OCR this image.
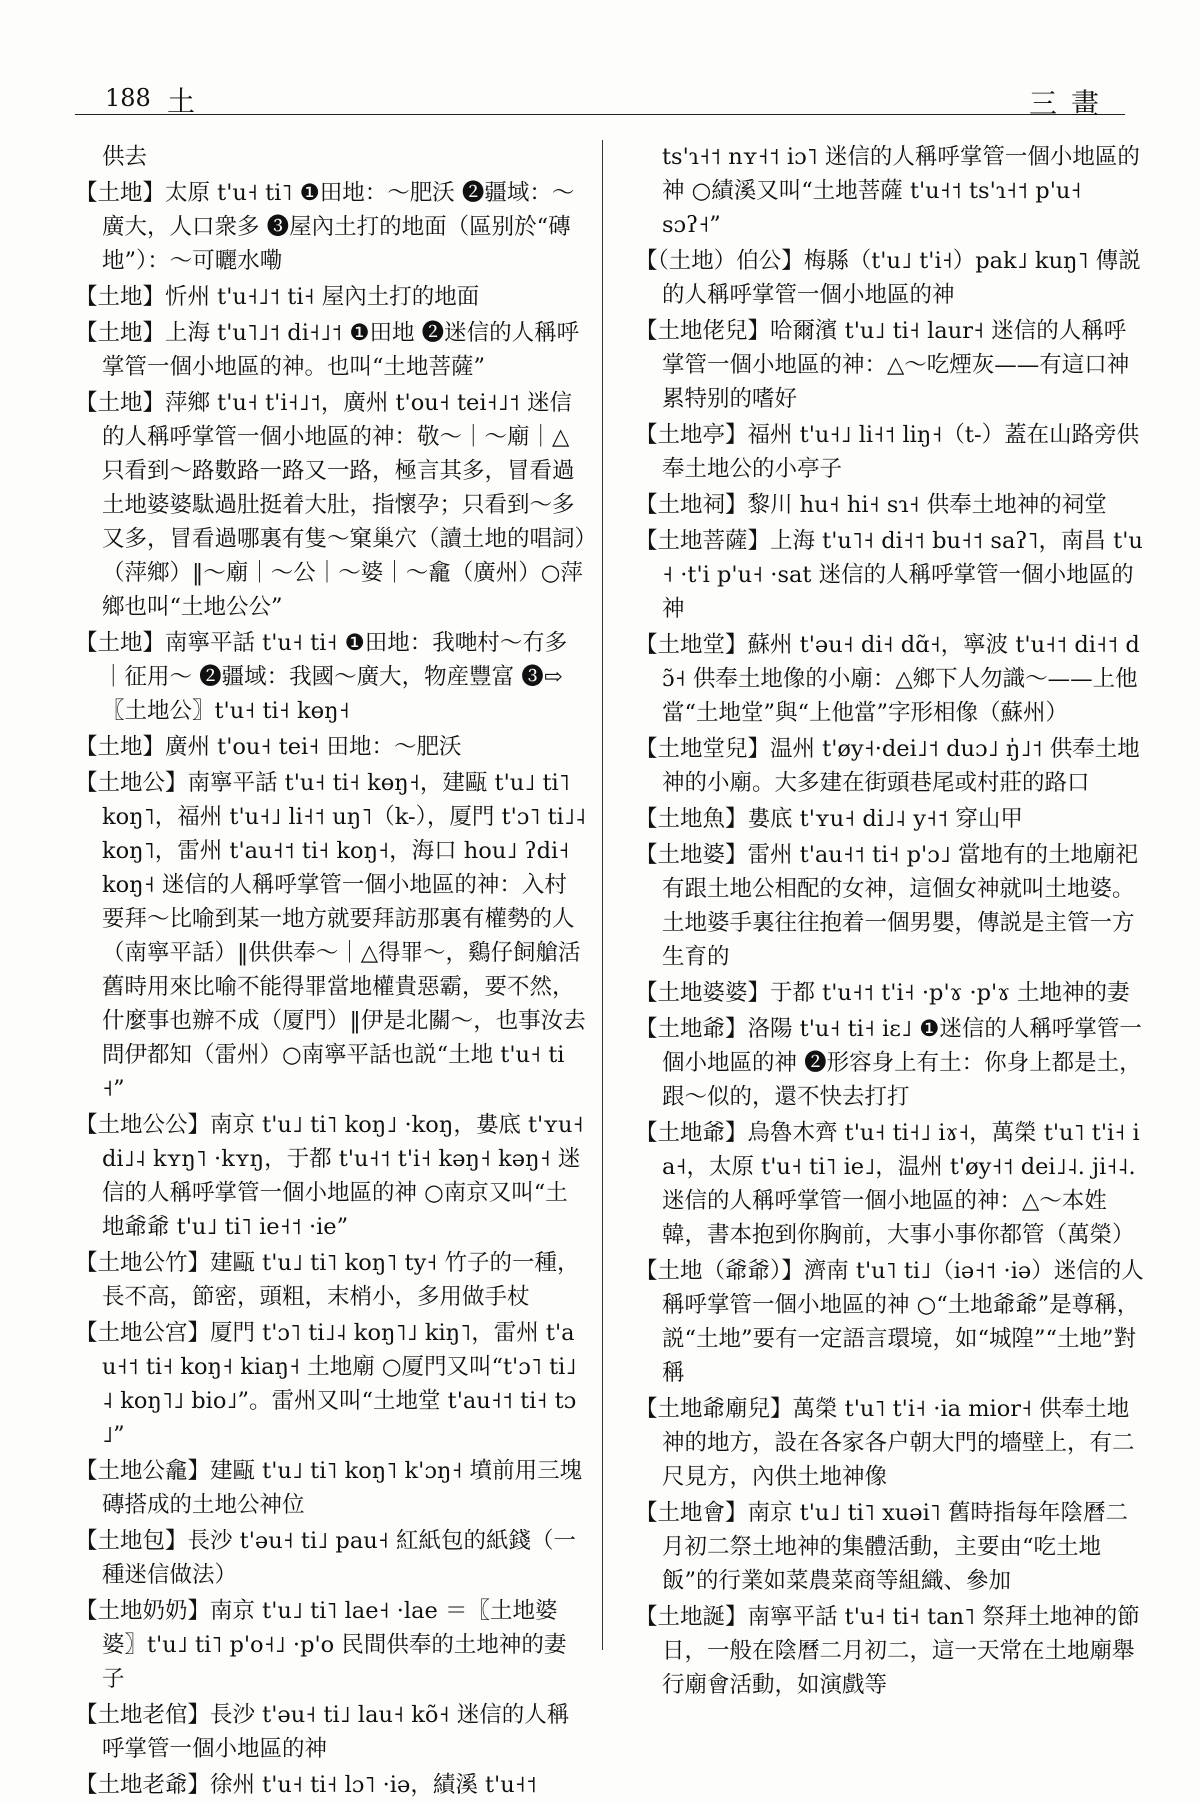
188 土	三畫

供去

【土地】太原 t'u˧ ti˥ ❶田地：～肥沃 ❷疆域：～廣大，人口衆多 ❸屋內土打的地面（區别於“磚地”）：～可曬水嘞

【土地】忻州 t'u˧˩˦ ti˧ 屋內土打的地面

【土地】上海 t'u˥˩˦ di˧˩˦ ❶田地 ❷迷信的人稱呼掌管一個小地區的神。也叫“土地菩薩”

【土地】萍鄉 t'u˧ t'i˧˩˦，廣州 t'ou˧ tei˧˩˦ 迷信的人稱呼掌管一個小地區的神：敬～｜～廟｜△只看到～路數路一路又一路，極言其多，冒看過土地婆婆駄過肚挺着大肚，指懷孕；只看到～多又多，冒看過哪裏有隻～窠巢穴（讀土地的唱詞）（萍鄉）‖～廟｜～公｜～婆｜～龕（廣州）○萍鄉也叫“土地公公”

【土地】南寧平話 t'u˧ ti˧ ❶田地：我哋村～冇多｜征用～ ❷疆域：我國～廣大，物産豐富 ❸⇨〖土地公〗t'u˧ ti˧ kɵŋ˧

【土地】廣州 t'ou˧ tei˧ 田地：～肥沃

【土地公】南寧平話 t'u˧ ti˧ kɵŋ˧，建甌 t'u˩ ti˥ koŋ˥，福州 t'u˧˩ li˧˦ uŋ˥（k-），厦門 t'ɔ˥ ti˩˨ koŋ˥，雷州 t'au˧˦ ti˧ koŋ˧，海口 hou˩ ʔdi˧ koŋ˧ 迷信的人稱呼掌管一個小地區的神：入村要拜～比喻到某一地方就要拜訪那裏有權勢的人（南寧平話）‖供供奉～｜△得罪～，鷄仔飼艙活舊時用來比喻不能得罪當地權貴惡霸，要不然，什麼事也辦不成（厦門）‖伊是北關～，也事汝去問伊都知（雷州）○南寧平話也説“土地 t'u˧ ti˧”

【土地公公】南京 t'u˩ ti˥ koŋ˩ ·koŋ，婁底 t'ʏu˧ di˩˨ kʏŋ˥ ·kʏŋ，于都 t'u˧˦ t'i˧ kəŋ˧ kəŋ˧ 迷信的人稱呼掌管一個小地區的神 ○南京又叫“土地爺爺 t'u˩ ti˥ ie˧˦ ·ie”

【土地公竹】建甌 t'u˩ ti˥ koŋ˥ ty˧ 竹子的一種，長不高，節密，頭粗，末梢小，多用做手杖

【土地公宫】厦門 t'ɔ˥ ti˩˨ koŋ˥˩ kiŋ˥，雷州 t'au˧˦ ti˧ koŋ˧ kiaŋ˧ 土地廟 ○厦門又叫“t'ɔ˥ ti˩˨ koŋ˥˩ bio˩”。雷州又叫“土地堂 t'au˧˦ ti˧ tɔ˩”

【土地公龕】建甌 t'u˩ ti˥ koŋ˥ k'ɔŋ˧ 墳前用三塊磚搭成的土地公神位

【土地包】長沙 t'əu˧ ti˩ pau˧ 紅紙包的紙錢（一種迷信做法）

【土地奶奶】南京 t'u˩ ti˥ lae˧ ·lae ＝〖土地婆婆〗t'u˩ ti˥ p'o˧˩ ·p'o 民間供奉的土地神的妻子

【土地老倌】長沙 t'əu˧ ti˩ lau˧ kõ˧ 迷信的人稱呼掌管一個小地區的神

【土地老爺】徐州 t'u˧ ti˧ lɔ˥ ·iə，績溪 t'u˧˦

ts'ɿ˧˦ nʏ˧˦ iɔ˥ 迷信的人稱呼掌管一個小地區的神 ○績溪又叫“土地菩薩 t'u˧˦ ts'ɿ˧˦ p'u˧ sɔʔ˧”

【（土地）伯公】梅縣（t'u˩ t'i˧）pak˩ kuŋ˥ 傳説的人稱呼掌管一個小地區的神

【土地佬兒】哈爾濱 t'u˩ ti˧ laur˧ 迷信的人稱呼掌管一個小地區的神：△～吃煙灰——有這口神累特别的嗜好

【土地亭】福州 t'u˧˩ li˧˦ liŋ˧（t-）蓋在山路旁供奉土地公的小亭子

【土地祠】黎川 hu˧ hi˧ sɿ˧ 供奉土地神的祠堂

【土地菩薩】上海 t'u˥˧ di˧˦ bu˧˦ saʔ˥，南昌 t'u˧ ·t'i p'u˧ ·sat 迷信的人稱呼掌管一個小地區的神

【土地堂】蘇州 t'əu˧ di˧ dɑ̃˧，寧波 t'u˧˦ di˧˦ dɔ̃˧ 供奉土地像的小廟：△鄉下人勿識～——上他當“土地堂”與“上他當”字形相像（蘇州）

【土地堂兒】温州 t'øy˧·dei˩˦ duɔ˩ ŋ̍˩˦ 供奉土地神的小廟。大多建在街頭巷尾或村莊的路口

【土地魚】婁底 t'ʏu˧ di˩˨ y˧˦ 穿山甲

【土地婆】雷州 t'au˧˦ ti˧ p'ɔ˩ 當地有的土地廟祀有跟土地公相配的女神，這個女神就叫土地婆。土地婆手裏往往抱着一個男嬰，傳説是主管一方生育的

【土地婆婆】于都 t'u˧˦ t'i˧ ·p'ɤ ·p'ɤ 土地神的妻

【土地爺】洛陽 t'u˧ ti˧ iɛ˩ ❶迷信的人稱呼掌管一個小地區的神 ❷形容身上有土：你身上都是土，跟～似的，還不快去打打

【土地爺】烏魯木齊 t'u˧ ti˧˩ iɤ˧，萬榮 t'u˥ t'i˧ ia˧，太原 t'u˧ ti˥ ie˩，温州 t'øy˧˦ dei˩˨. ji˧˨. 迷信的人稱呼掌管一個小地區的神：△～本姓韓，書本抱到你胸前，大事小事你都管（萬榮）

【土地（爺爺）】濟南 t'u˥ ti˩（iə˧˦ ·iə）迷信的人稱呼掌管一個小地區的神 ○“土地爺爺”是尊稱，説“土地”要有一定語言環境，如“城隍”“土地”對稱

【土地爺廟兒】萬榮 t'u˥ t'i˧ ·ia mior˧ 供奉土地神的地方，設在各家各户朝大門的墻壁上，有二尺見方，內供土地神像

【土地會】南京 t'u˩ ti˥ xuəi˥ 舊時指每年陰曆二月初二祭土地神的集體活動，主要由“吃土地飯”的行業如菜農菜商等組織、參加

【土地誕】南寧平話 t'u˧ ti˧ tan˥ 祭拜土地神的節日，一般在陰曆二月初二，這一天常在土地廟舉行廟會活動，如演戲等
